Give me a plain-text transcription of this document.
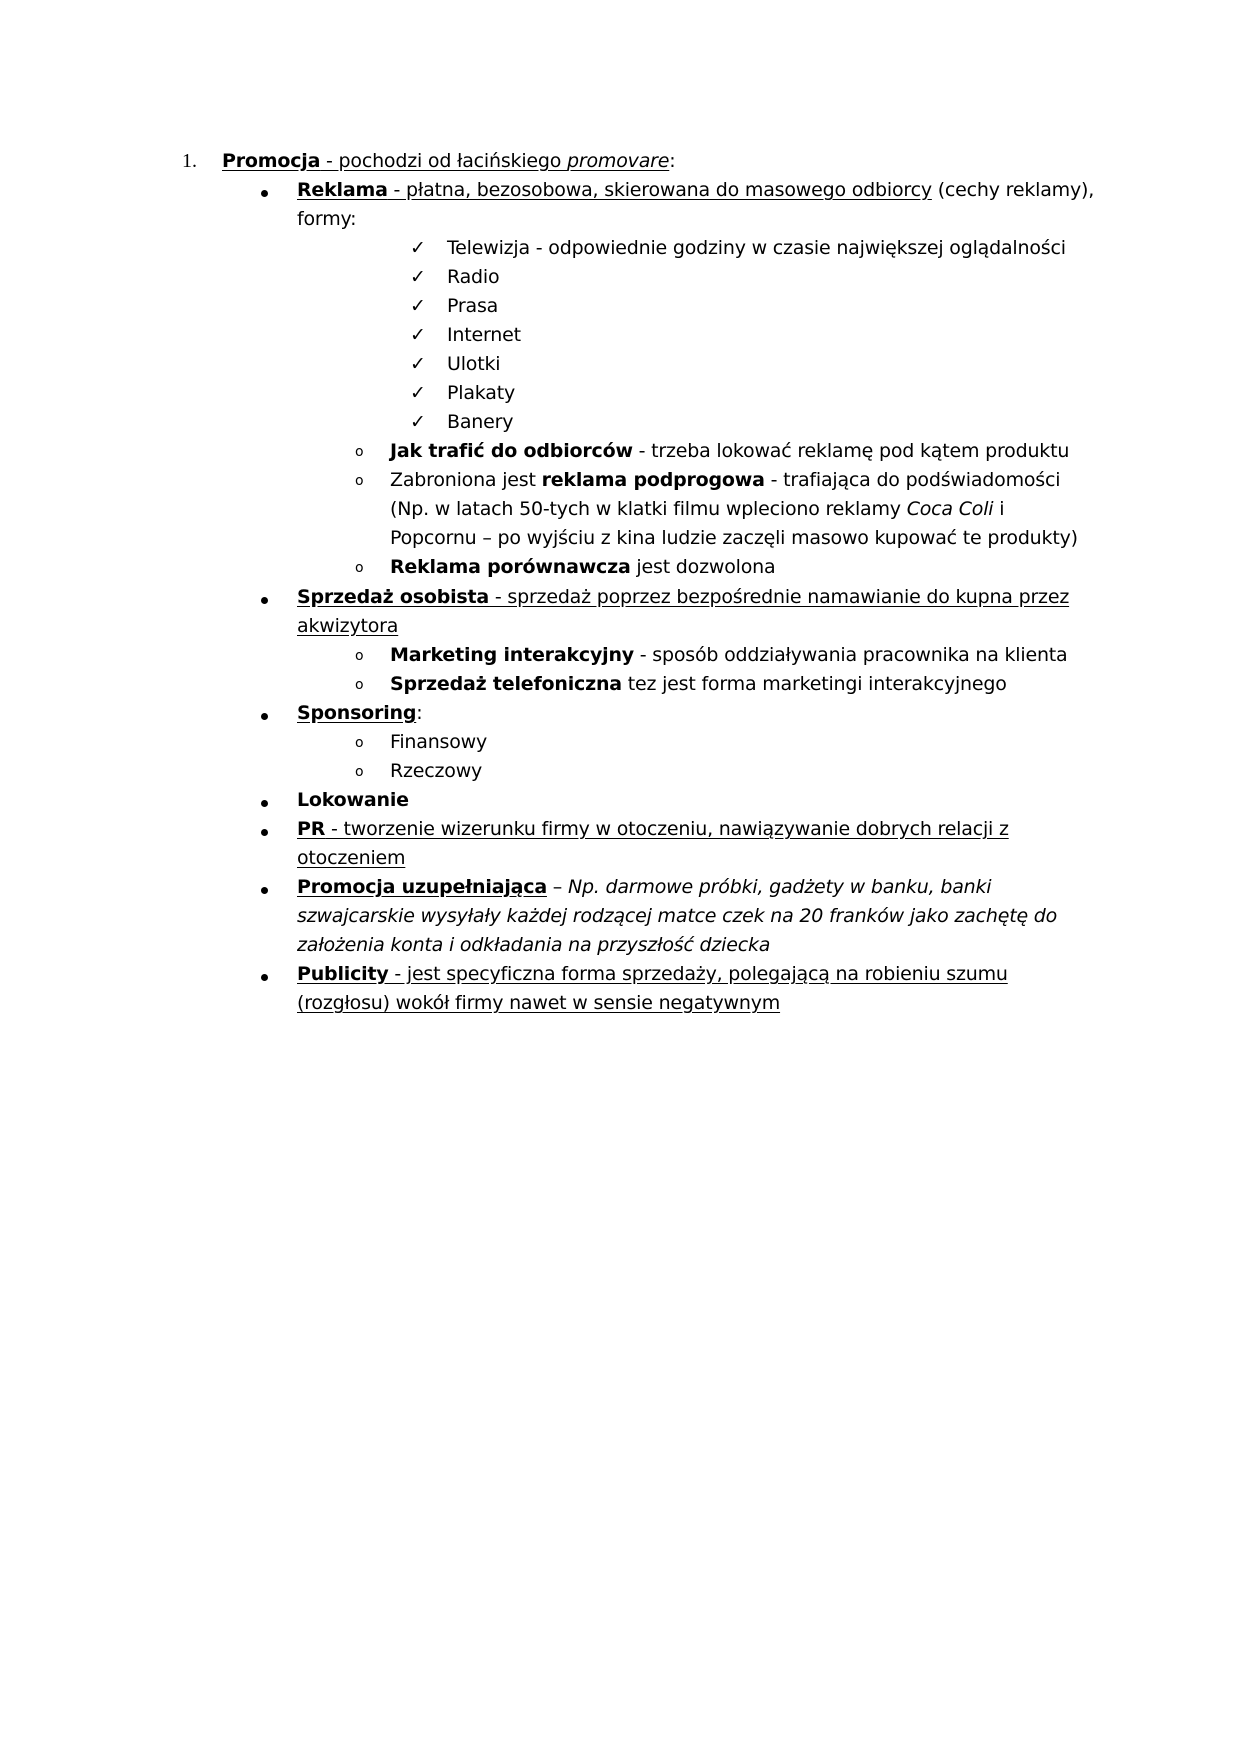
1. Promocja - pochodzi od łacińskiego promovare:
Reklama - płatna, bezosobowa, skierowana do masowego odbiorcy (cechy reklamy),
formy:
✓ Telewizja - odpowiednie godziny w czasie największej oglądalności
✓ Radio
✓ Prasa
✓ Internet
✓ Ulotki
✓ Plakaty
✓ Banery
o Jak trafić do odbiorców - trzeba lokować reklamę pod kątem produktu
o Zabroniona jest reklama podprogowa - trafiająca do podświadomości
(Np. w latach 50-tych w klatki filmu wpleciono reklamy Coca Coli i
Popcornu – po wyjściu z kina ludzie zaczęli masowo kupować te produkty)
o Reklama porównawcza jest dozwolona
Sprzedaż osobista - sprzedaż poprzez bezpośrednie namawianie do kupna przez
akwizytora
o Marketing interakcyjny - sposób oddziaływania pracownika na klienta
o Sprzedaż telefoniczna tez jest forma marketingi interakcyjnego
Sponsoring:
o Finansowy
o Rzeczowy
Lokowanie
PR - tworzenie wizerunku firmy w otoczeniu, nawiązywanie dobrych relacji z
otoczeniem
Promocja uzupełniająca – Np. darmowe próbki, gadżety w banku, banki
szwajcarskie wysyłały każdej rodzącej matce czek na 20 franków jako zachętę do
założenia konta i odkładania na przyszłość dziecka
Publicity - jest specyficzna forma sprzedaży, polegającą na robieniu szumu
(rozgłosu) wokół firmy nawet w sensie negatywnym
